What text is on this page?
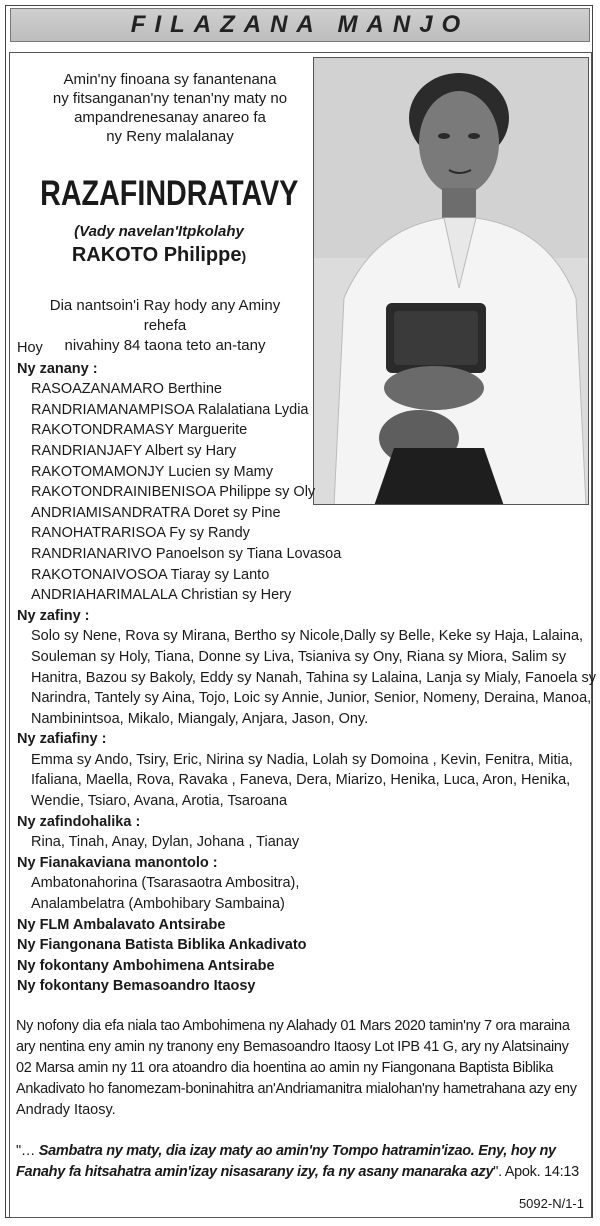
FILAZANA MANJO
Amin'ny finoana sy fanantenana
ny fitsanganan'ny tenan'ny maty no
ampandrenesanay anareo fa
ny Reny malalanay
RAZAFINDRATAVY
(Vady navelan'Itpkolahy
RAKOTO Philippe)
Dia nantsoin'i Ray hody any Aminy rehefa
nivahiny 84 taona teto an-tany
Hoy
Ny zanany :
RASOAZANAMARO Berthine
RANDRIAMANAMPISOA Ralalatiana Lydia
RAKOTONDRAMASY Marguerite
RANDRIANJAFY Albert sy Hary
RAKOTOMAMONJY Lucien sy Mamy
RAKOTONDRAINIBENISOA Philippe sy Oly
ANDRIAMISANDRATRA Doret sy Pine
RANOHATRARISOA Fy sy Randy
RANDRIANARIVO Panoelson sy Tiana Lovasoa
RAKOTONAIVOSOA Tiaray sy Lanto
ANDRIAHARIMALALA Christian sy Hery
Ny zafiny :
Solo sy Nene, Rova sy Mirana, Bertho sy Nicole,Dally sy Belle, Keke sy Haja, Lalaina,
Souleman sy Holy, Tiana, Donne sy Liva, Tsianiva sy Ony, Riana sy Miora, Salim sy
Hanitra, Bazou sy Bakoly, Eddy sy Nanah, Tahina sy Lalaina, Lanja sy Mialy, Fanoela sy
Narindra, Tantely sy Aina, Tojo, Loic sy Annie, Junior, Senior, Nomeny, Deraina, Manoa,
Nambinintsoa, Mikalo, Miangaly, Anjara, Jason, Ony.
Ny zafiafiny :
Emma sy Ando, Tsiry, Eric, Nirina sy Nadia, Lolah sy Domoina , Kevin, Fenitra, Mitia,
Ifaliana, Maella, Rova, Ravaka , Faneva, Dera, Miarizo, Henika, Luca, Aron, Henika,
Wendie, Tsiaro, Avana, Arotia, Tsaroana
Ny zafindohalika :
Rina, Tinah, Anay, Dylan, Johana , Tianay
Ny Fianakaviana manontolo :
Ambatonahorina (Tsarasaotra Ambositra),
Analambelatra (Ambohibary Sambaina)
Ny FLM Ambalavato Antsirabe
Ny Fiangonana Batista Biblika Ankadivato
Ny fokontany Ambohimena Antsirabe
Ny fokontany Bemasoandro Itaosy
Ny nofony dia efa niala tao Ambohimena ny Alahady 01 Mars 2020 tamin'ny 7 ora maraina
ary nentina eny amin ny tranony eny Bemasoandro Itaosy Lot IPB 41 G, ary ny Alatsinainy
02 Marsa amin ny 11 ora atoandro dia hoentina ao amin ny Fiangonana Baptista Biblika
Ankadivato ho fanomezam-boninahitra an'Andriamanitra mialohan'ny hametrahana azy eny
Andrady Itaosy.
"… Sambatra ny maty, dia izay maty ao amin'ny Tompo hatramin'izao. Eny, hoy ny
Fanahy fa hitsahatra amin'izay nisasarany izy, fa ny asany manaraka azy". Apok. 14:13
5092-N/1-1
